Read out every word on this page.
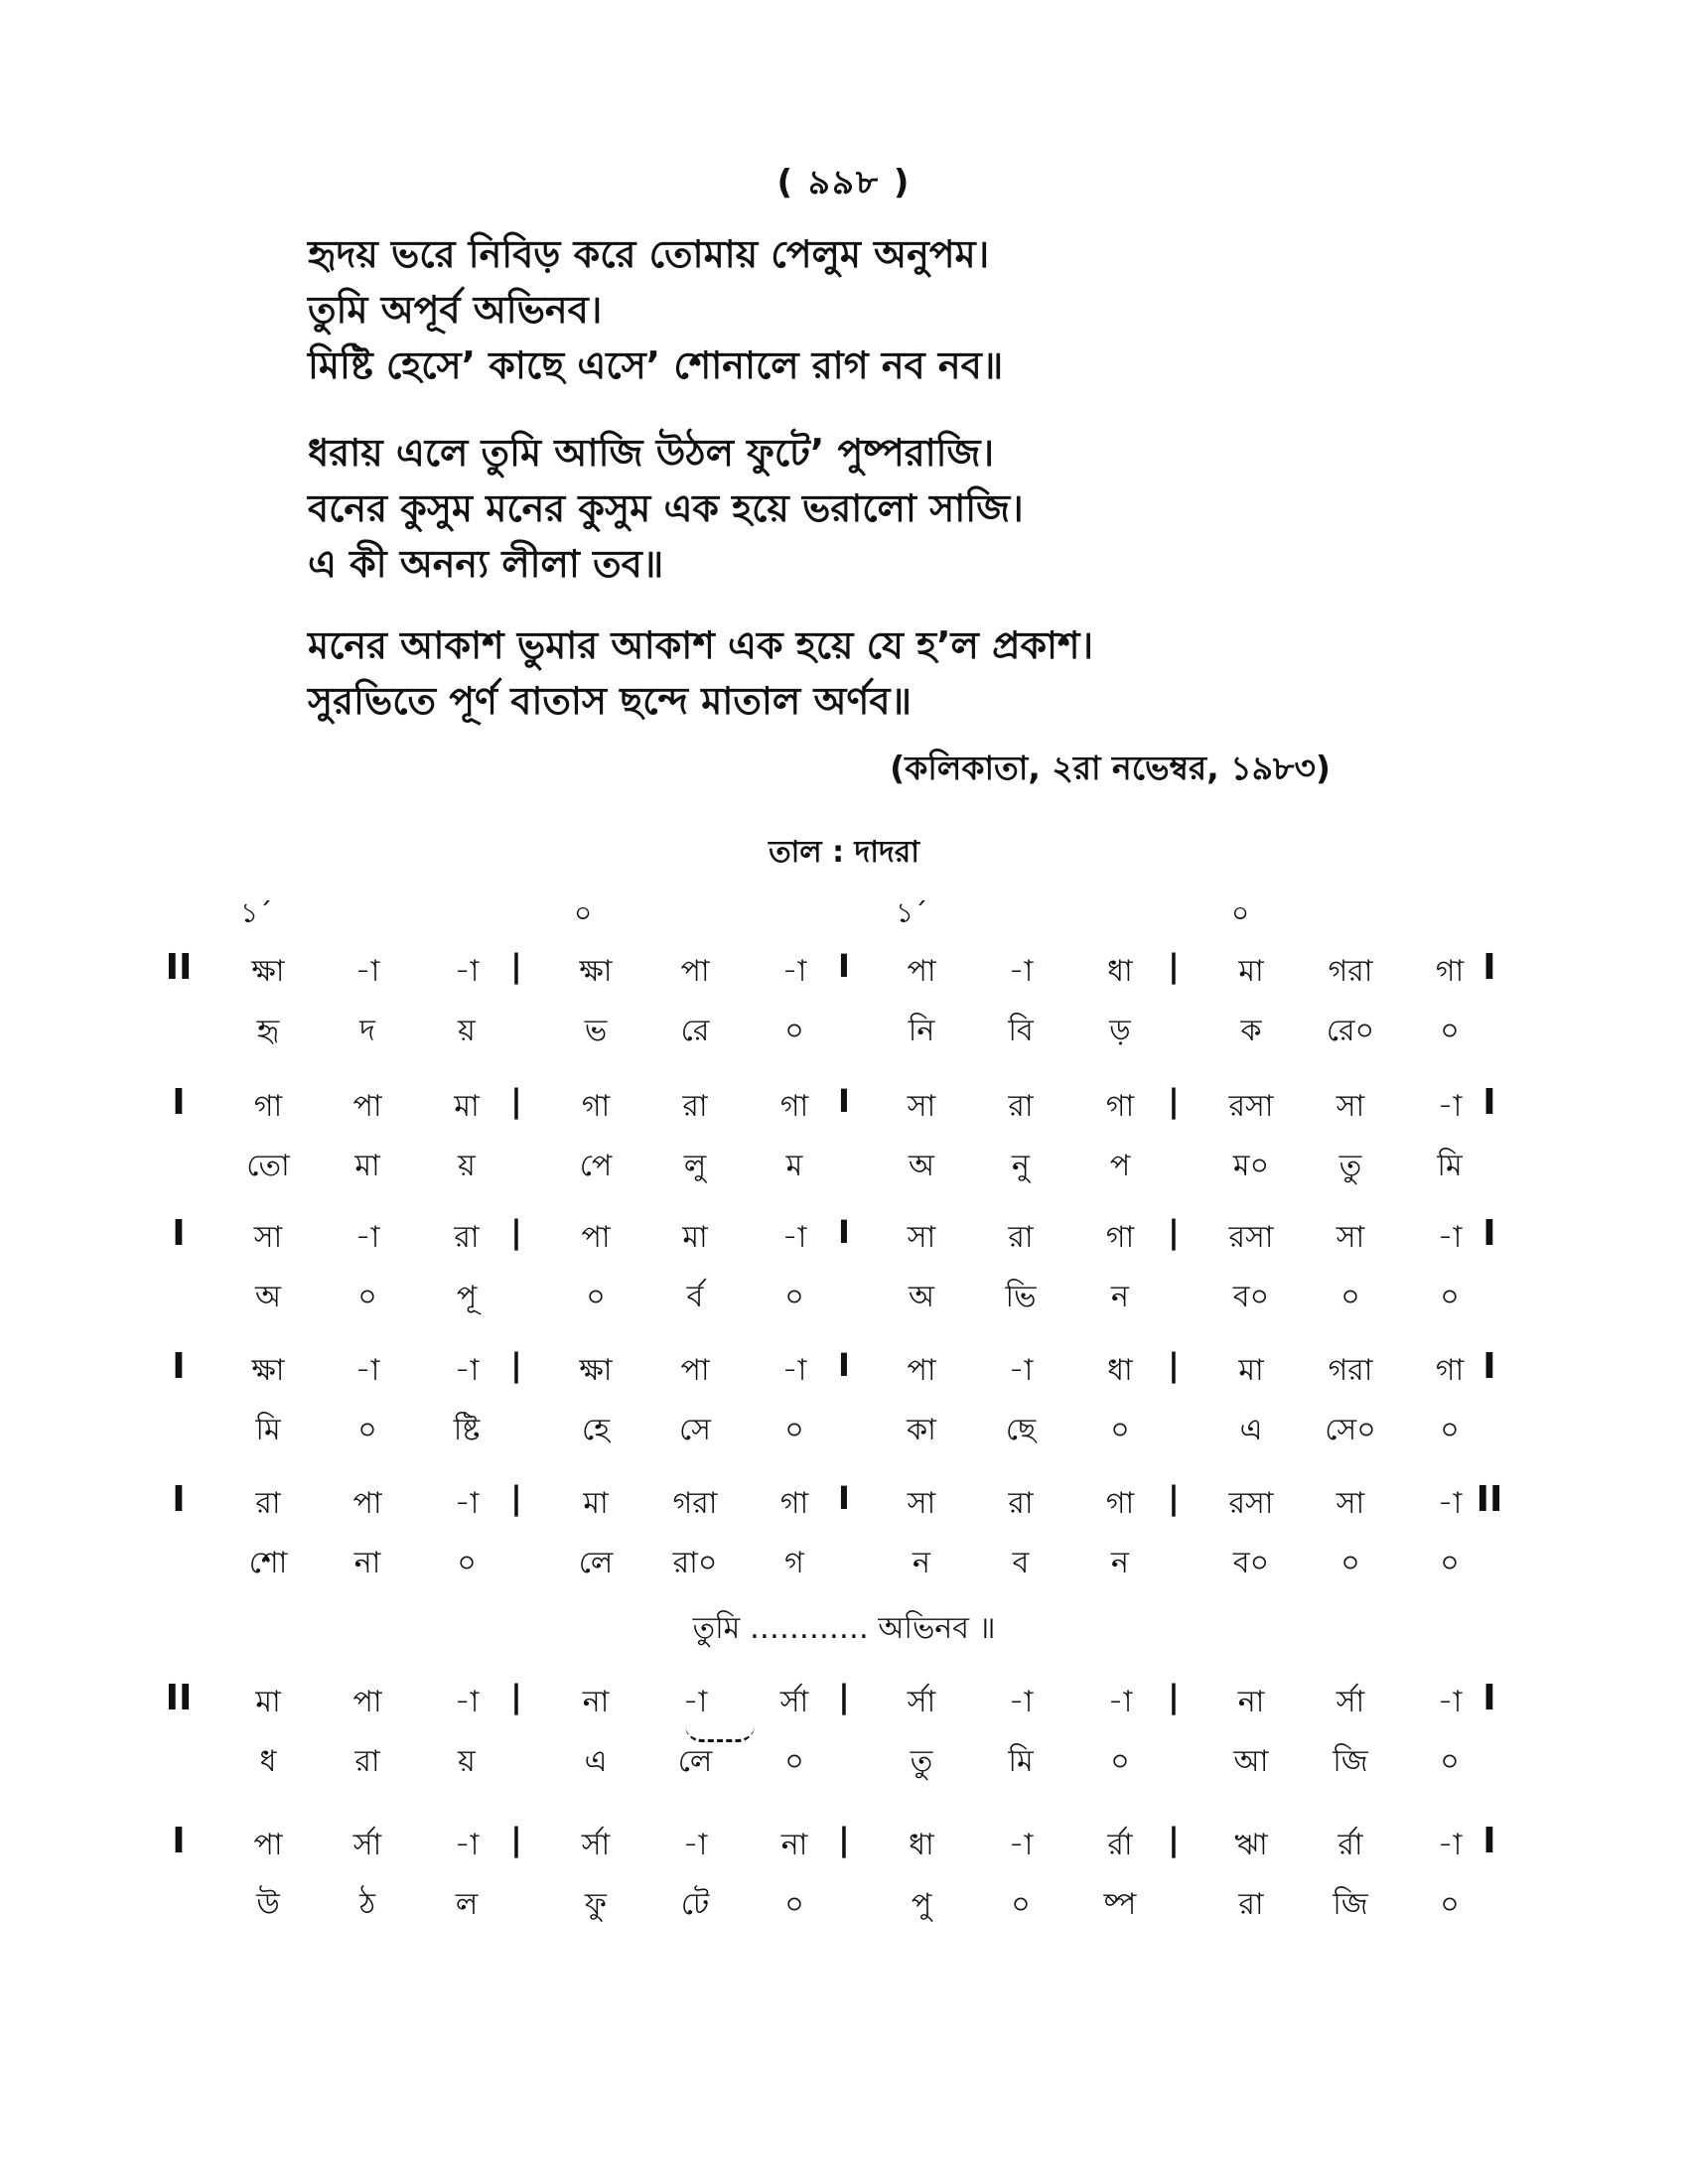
( ৯৯৮ )
হৃদয় ভরে নিবিড় করে তোমায় পেলুম অনুপম।
তুমি অপূর্ব অভিনব।
মিষ্টি হেসে’ কাছে এসে’ শোনালে রাগ নব নব॥
ধরায় এলে তুমি আজি উঠল ফুটে’ পুষ্পরাজি।
বনের কুসুম মনের কুসুম এক হয়ে ভরালো সাজি।
এ কী অনন্য লীলা তব॥
মনের আকাশ ভুমার আকাশ এক হয়ে যে হ’ল প্রকাশ।
সুরভিতে পূর্ণ বাতাস ছন্দে মাতাল অর্ণব॥
(কলিকাতা, ২রা নভেম্বর, ১৯৮৩)
তাল : দাদরা
১´	০	১´	০
II	ক্ষা	-া	-া	ক্ষা	পা	-া	পা	-া	ধা	মা	গরা	গা
হৃ	দ	য়	ভ	রে	০	নি	বি	ড়	ক	রে০	০
|	I	|	I
I	গা	পা	মা	গা	রা	গা	সা	রা	গা	রসা	সা	-া
তো	মা	য়	পে	লু	ম	অ	নু	প	ম০	তু	মি
|	I	|	I
I	সা	-া	রা	পা	মা	-া	সা	রা	গা	রসা	সা	-া
অ	০	পূ	০	র্ব	০	অ	ভি	ন	ব০	০	০
|	I	|	I
I	ক্ষা	-া	-া	ক্ষা	পা	-া	পা	-া	ধা	মা	গরা	গা
মি	০	ষ্টি	হে	সে	০	কা	ছে	০	এ	সে০	০
|	I	|	I
I	রা	পা	-া	মা	গরা	গা	সা	রা	গা	রসা	সা	-া
শো	না	০	লে	রা০	গ	ন	ব	ন	ব০	০	০
|	I	|	II
II	মা	পা	-া	না	-া	র্সা	র্সা	-া	-া	না	র্সা	-া
ধ	রা	য়	এ	লে	০	তু	মি	০	আ	জি	০
|	|	|	I
I	পা	র্সা	-া	র্সা	-া	না	ধা	-া	র্রা	ঋা	র্রা	-া
উ	ঠ	ল	ফু	টে	০	পু	০	ষ্প	রা	জি	০
|	|	|	I
তুমি ………… অভিনব ॥
